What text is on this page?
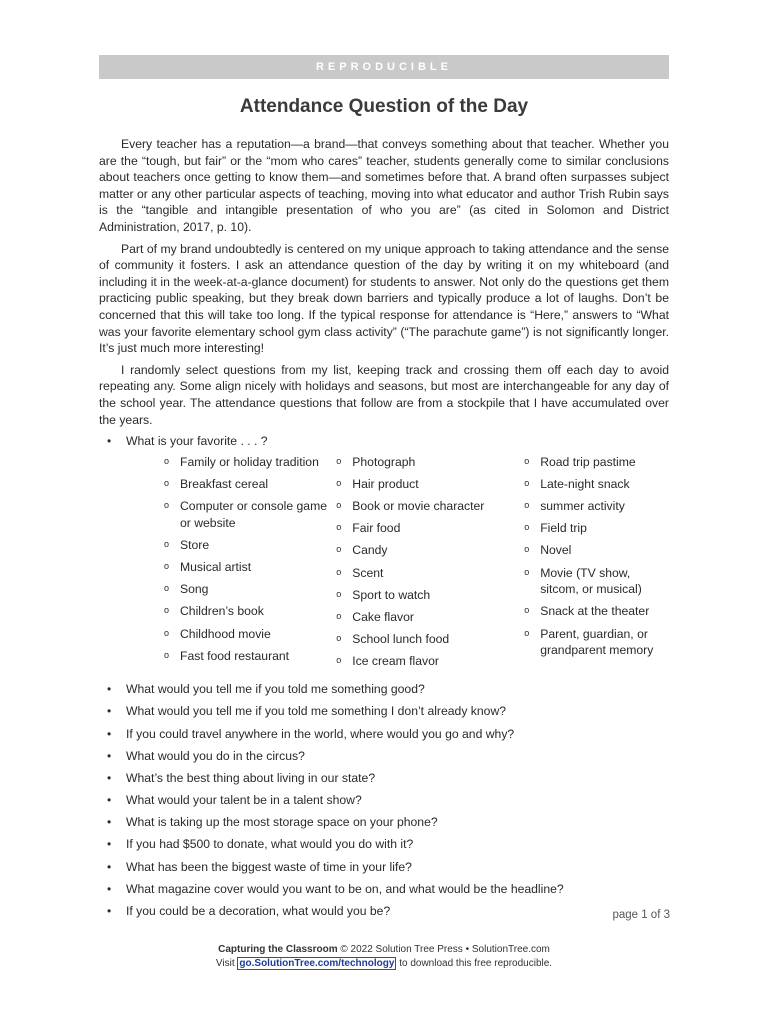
REPRODUCIBLE
Attendance Question of the Day

Every teacher has a reputation—a brand—that conveys something about that teacher. Whether you are the “tough, but fair” or the “mom who cares” teacher, students generally come to similar conclusions about teachers once getting to know them—and sometimes before that. A brand often surpasses subject matter or any other particular aspects of teaching, moving into what educator and author Trish Rubin says is the “tangible and intangible presentation of who you are” (as cited in Solomon and District Administration, 2017, p. 10).

Part of my brand undoubtedly is centered on my unique approach to taking attendance and the sense of community it fosters. I ask an attendance question of the day by writing it on my whiteboard (and including it in the week-at-a-glance document) for students to answer. Not only do the questions get them practicing public speaking, but they break down barriers and typically produce a lot of laughs. Don’t be concerned that this will take too long. If the typical response for attendance is “Here,” answers to “What was your favorite elementary school gym class activity” (“The parachute game”) is not significantly longer. It’s just much more interesting!

I randomly select questions from my list, keeping track and crossing them off each day to avoid repeating any. Some align nicely with holidays and seasons, but most are interchangeable for any day of the school year. The attendance questions that follow are from a stockpile that I have accumulated over the years.

• What is your favorite . . . ?
o Family or holiday tradition
o Breakfast cereal
o Computer or console game or website
o Store
o Musical artist
o Song
o Children’s book
o Childhood movie
o Fast food restaurant
o Photograph
o Hair product
o Book or movie character
o Fair food
o Candy
o Scent
o Sport to watch
o Cake flavor
o School lunch food
o Ice cream flavor
o Road trip pastime
o Late-night snack
o summer activity
o Field trip
o Novel
o Movie (TV show, sitcom, or musical)
o Snack at the theater
o Parent, guardian, or grandparent memory
• What would you tell me if you told me something good?
• What would you tell me if you told me something I don’t already know?
• If you could travel anywhere in the world, where would you go and why?
• What would you do in the circus?
• What’s the best thing about living in our state?
• What would your talent be in a talent show?
• What is taking up the most storage space on your phone?
• If you had $500 to donate, what would you do with it?
• What has been the biggest waste of time in your life?
• What magazine cover would you want to be on, and what would be the headline?
• If you could be a decoration, what would you be?	page 1 of 3
Capturing the Classroom © 2022 Solution Tree Press • SolutionTree.com
Visit go.SolutionTree.com/technology to download this free reproducible.
